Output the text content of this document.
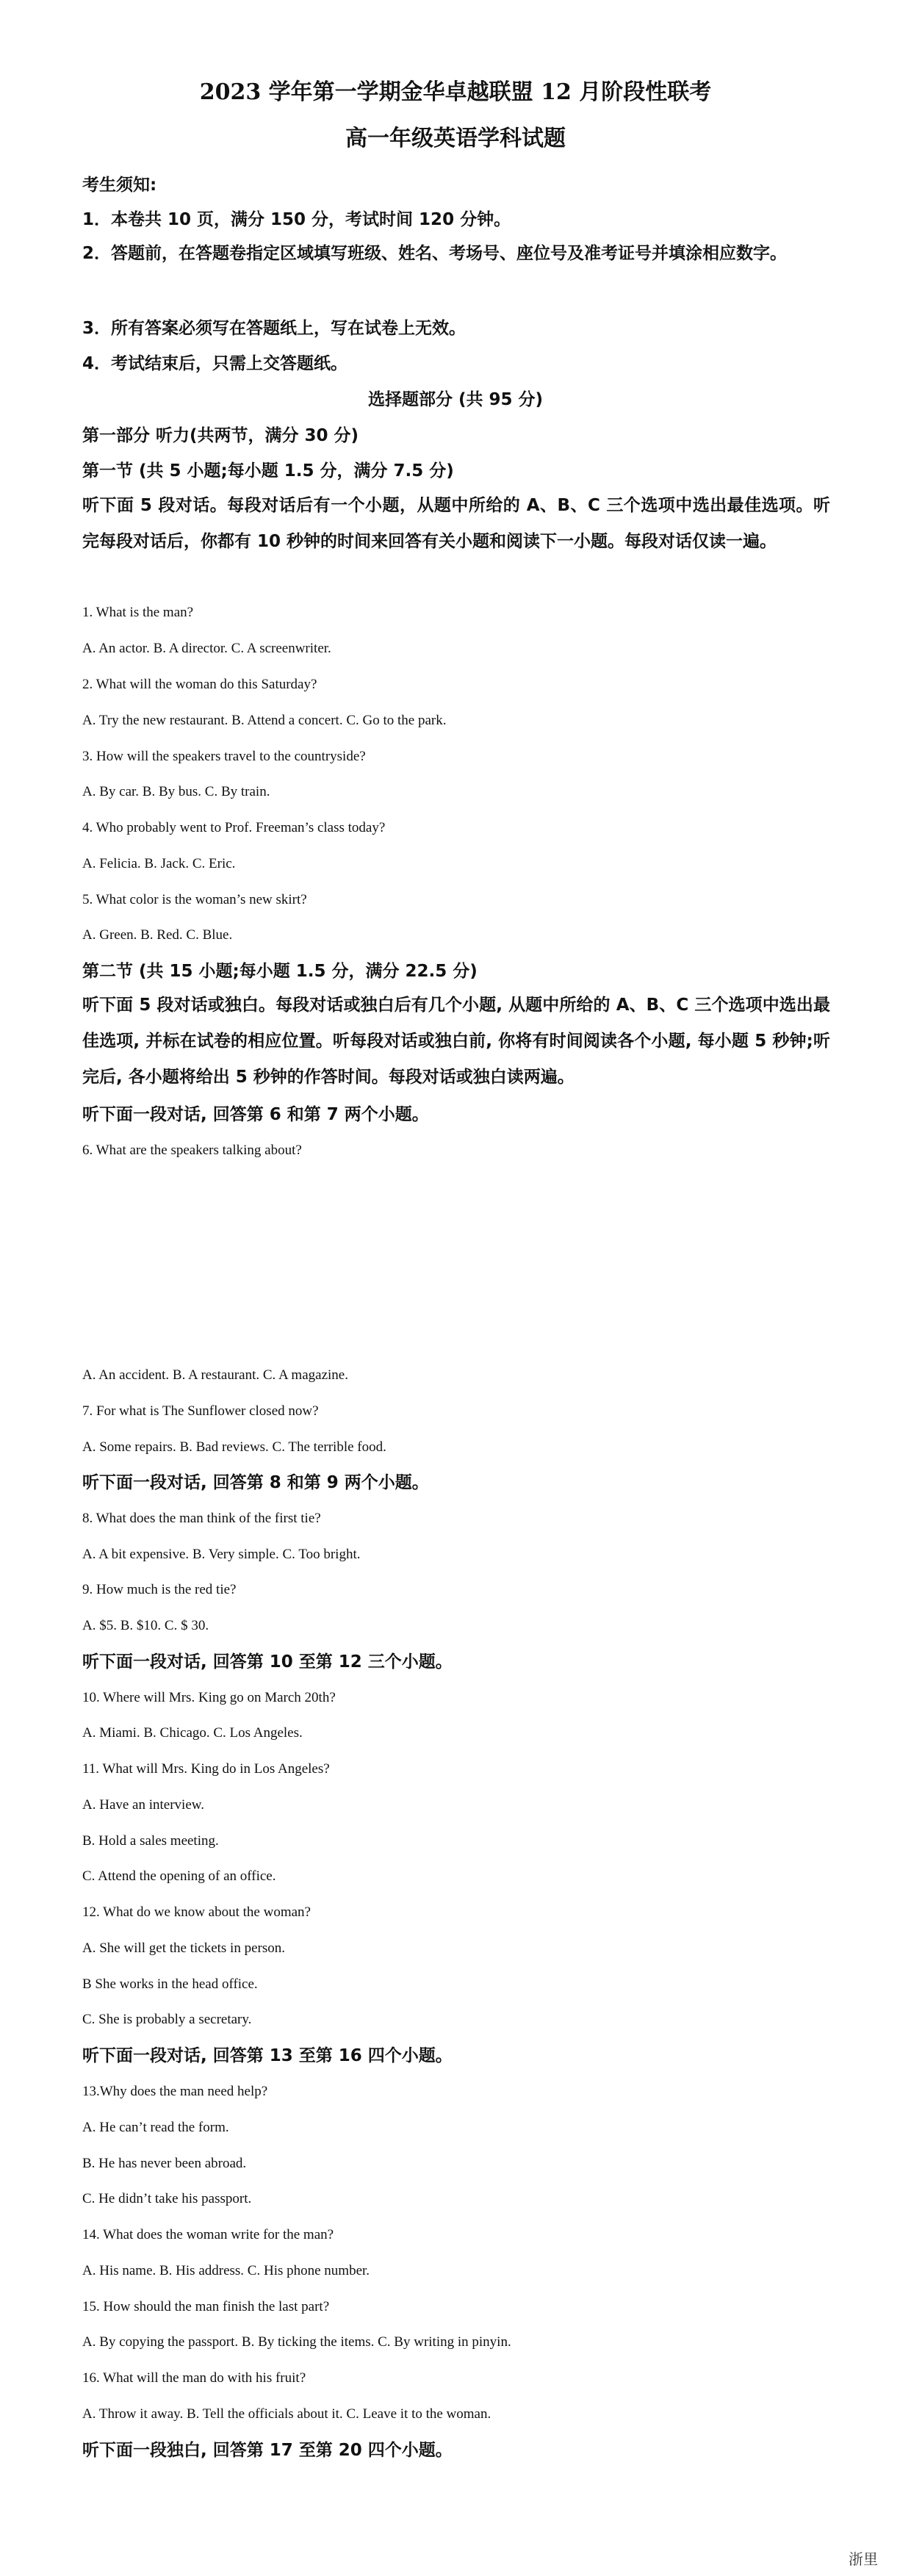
2023 学年第一学期金华卓越联盟 12 月阶段性联考
高一年级英语学科试题
考生须知:
1．本卷共 10 页，满分 150 分，考试时间 120 分钟。
2．答题前，在答题卷指定区域填写班级、姓名、考场号、座位号及准考证号并填涂相应数字。
3．所有答案必须写在答题纸上，写在试卷上无效。
4．考试结束后，只需上交答题纸。
选择题部分 (共 95 分)
第一部分 听力(共两节，满分 30 分)
第一节 (共 5 小题;每小题 1.5 分，满分 7.5 分)
听下面 5 段对话。每段对话后有一个小题，从题中所给的 A、B、C 三个选项中选出最佳选项。听完每段对话后，你都有 10 秒钟的时间来回答有关小题和阅读下一小题。每段对话仅读一遍。
1. What is the man?
A. An actor. B. A director. C. A screenwriter.
2. What will the woman do this Saturday?
A. Try the new restaurant. B. Attend a concert. C. Go to the park.
3. How will the speakers travel to the countryside?
A. By car. B. By bus. C. By train.
4. Who probably went to Prof. Freeman’s class today?
A. Felicia. B. Jack. C. Eric.
5. What color is the woman’s new skirt?
A. Green. B. Red. C. Blue.
第二节 (共 15 小题;每小题 1.5 分，满分 22.5 分)
听下面 5 段对话或独白。每段对话或独白后有几个小题, 从题中所给的 A、B、C 三个选项中选出最佳选项, 并标在试卷的相应位置。听每段对话或独白前, 你将有时间阅读各个小题, 每小题 5 秒钟;听完后, 各小题将给出 5 秒钟的作答时间。每段对话或独白读两遍。
听下面一段对话, 回答第 6 和第 7 两个小题。
6. What are the speakers talking about?
A. An accident. B. A restaurant. C. A magazine.
7. For what is The Sunflower closed now?
A. Some repairs. B. Bad reviews. C. The terrible food.
听下面一段对话, 回答第 8 和第 9 两个小题。
8. What does the man think of the first tie?
A. A bit expensive. B. Very simple. C. Too bright.
9. How much is the red tie?
A. $5. B. $10. C. $ 30.
听下面一段对话, 回答第 10 至第 12 三个小题。
10. Where will Mrs. King go on March 20th?
A. Miami. B. Chicago. C. Los Angeles.
11. What will Mrs. King do in Los Angeles?
A. Have an interview.
B. Hold a sales meeting.
C. Attend the opening of an office.
12. What do we know about the woman?
A. She will get the tickets in person.
B She works in the head office.
C. She is probably a secretary.
听下面一段对话, 回答第 13 至第 16 四个小题。
13.Why does the man need help?
A. He can’t read the form.
B. He has never been abroad.
C. He didn’t take his passport.
14. What does the woman write for the man?
A. His name. B. His address. C. His phone number.
15. How should the man finish the last part?
A. By copying the passport. B. By ticking the items. C. By writing in pinyin.
16. What will the man do with his fruit?
A. Throw it away. B. Tell the officials about it. C. Leave it to the woman.
听下面一段独白, 回答第 17 至第 20 四个小题。
浙里
